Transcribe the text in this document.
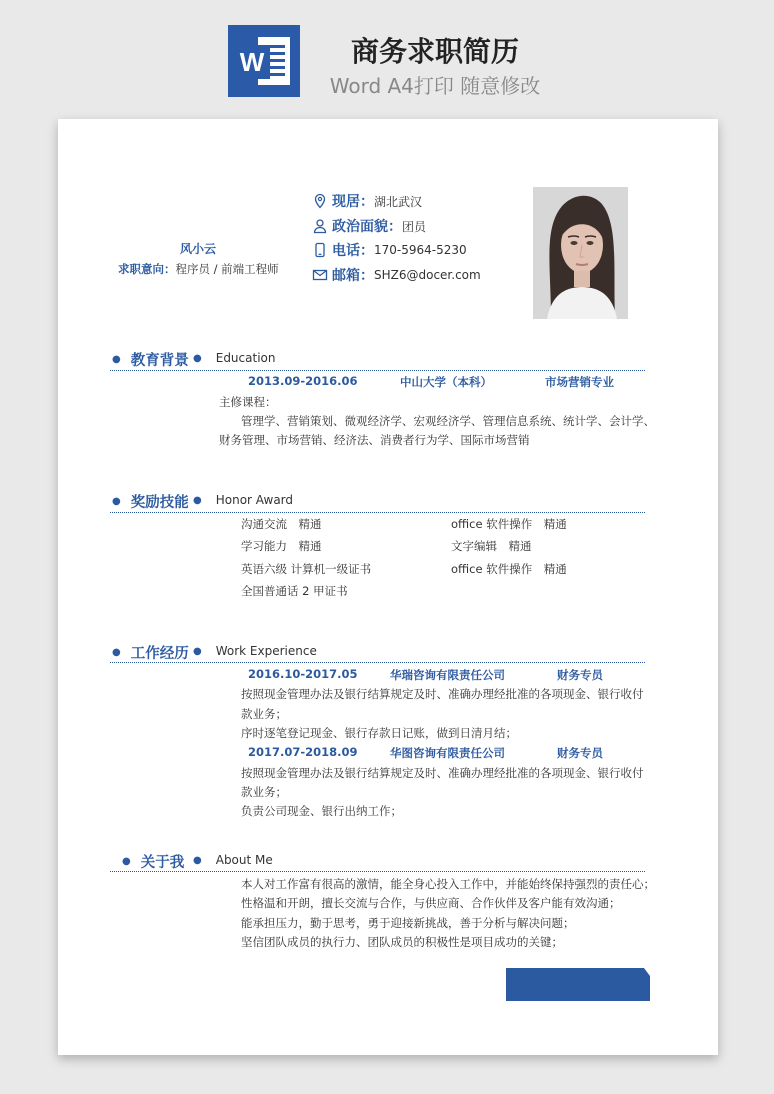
W	商务求职简历
Word A4打印 随意修改
风小云
求职意向：程序员 / 前端工程师
现居： 湖北武汉
政治面貌： 团员
电话： 170-5964-5230
邮箱： SHZ6@docer.com
● 教育背景 ● Education
2013.09-2016.06	中山大学（本科）	市场营销专业
主修课程：
管理学、营销策划、微观经济学、宏观经济学、管理信息系统、统计学、会计学、
财务管理、市场营销、经济法、消费者行为学、国际市场营销
● 奖励技能 ● Honor Award
沟通交流　精通	office 软件操作　精通
学习能力　精通	文字编辑　精通
英语六级 计算机一级证书	office 软件操作　精通
全国普通话 2 甲证书
● 工作经历 ● Work Experience
2016.10-2017.05	华瑞咨询有限责任公司	财务专员
按照现金管理办法及银行结算规定及时、准确办理经批准的各项现金、银行收付
款业务；
序时逐笔登记现金、银行存款日记账，做到日清月结；
2017.07-2018.09	华图咨询有限责任公司	财务专员
按照现金管理办法及银行结算规定及时、准确办理经批准的各项现金、银行收付
款业务；
负责公司现金、银行出纳工作；
● 关于我 ● About Me
本人对工作富有很高的激情，能全身心投入工作中，并能始终保持强烈的责任心；
性格温和开朗，擅长交流与合作，与供应商、合作伙伴及客户能有效沟通；
能承担压力，勤于思考，勇于迎接新挑战，善于分析与解决问题；
坚信团队成员的执行力、团队成员的积极性是项目成功的关键；
